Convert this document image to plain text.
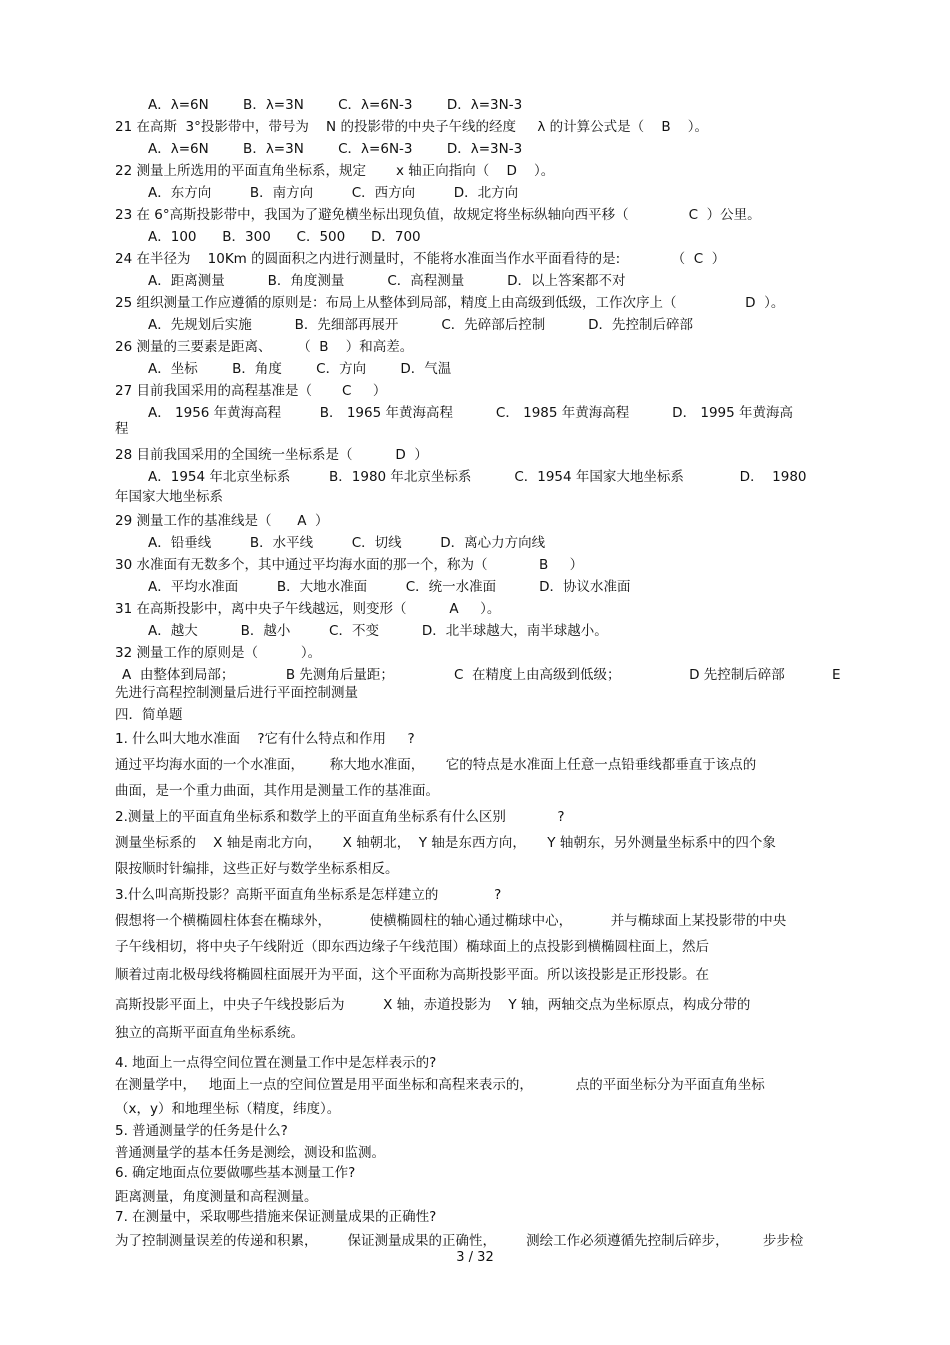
A．λ=6N        B．λ=3N        C．λ=6N-3        D．λ=3N-3
21 在高斯  3°投影带中，带号为    N 的投影带的中央子午线的经度     λ 的计算公式是（    B    ）。
A．λ=6N        B．λ=3N        C．λ=6N-3        D．λ=3N-3
22 测量上所选用的平面直角坐标系，规定       x 轴正向指向（    D    ）。
A．东方向         B．南方向         C．西方向         D．北方向
23 在 6°高斯投影带中，我国为了避免横坐标出现负值，故规定将坐标纵轴向西平移（              C  ）公里。
A．100      B．300      C．500      D．700
24 在半径为    10Km 的圆面积之内进行测量时，不能将水准面当作水平面看待的是:            （  C  ）
A．距离测量          B．角度测量          C．高程测量          D．以上答案都不对
25 组织测量工作应遵循的原则是：布局上从整体到局部，精度上由高级到低级，工作次序上（                D  ）。
A．先规划后实施          B．先细部再展开          C．先碎部后控制          D．先控制后碎部
26 测量的三要素是距离、      （  B    ）和高差。
A．坐标        B．角度        C．方向        D．气温
27 目前我国采用的高程基准是（       C     ）
A． 1956 年黄海高程         B． 1965 年黄海高程          C． 1985 年黄海高程          D． 1995 年黄海高
程
28 目前我国采用的全国统一坐标系是（          D  ）
A．1954 年北京坐标系         B．1980 年北京坐标系          C．1954 年国家大地坐标系             D．  1980
年国家大地坐标系
29 测量工作的基准线是（      A  ）
A．铅垂线         B．水平线         C．切线         D．离心力方向线
30 水准面有无数多个，其中通过平均海水面的那一个，称为（            B     ）
A．平均水准面         B．大地水准面         C．统一水准面          D．协议水准面
31 在高斯投影中，离中央子午线越远，则变形（          A     ）。
A．越大          B．越小         C．不变          D．北半球越大，南半球越小。
32 测量工作的原则是（          ）。
A  由整体到局部；            B 先测角后量距；              C  在精度上由高级到低级；                D 先控制后碎部           E
先进行高程控制测量后进行平面控制测量
四．简单题
1. 什么叫大地水准面    ?它有什么特点和作用     ?
通过平均海水面的一个水准面，      称大地水准面，     它的特点是水准面上任意一点铅垂线都垂直于该点的
曲面，是一个重力曲面，其作用是测量工作的基准面。
2.测量上的平面直角坐标系和数学上的平面直角坐标系有什么区别            ?
测量坐标系的    X 轴是南北方向，     X 轴朝北，  Y 轴是东西方向，     Y 轴朝东，另外测量坐标系中的四个象
限按顺时针编排，这些正好与数学坐标系相反。
3.什么叫高斯投影？高斯平面直角坐标系是怎样建立的             ?
假想将一个横椭圆柱体套在椭球外，         使横椭圆柱的轴心通过椭球中心，         并与椭球面上某投影带的中央
子午线相切，将中央子午线附近（即东西边缘子午线范围）椭球面上的点投影到横椭圆柱面上，然后
顺着过南北极母线将椭圆柱面展开为平面，这个平面称为高斯投影平面。所以该投影是正形投影。在
高斯投影平面上，中央子午线投影后为         X 轴，赤道投影为    Y 轴，两轴交点为坐标原点，构成分带的
独立的高斯平面直角坐标系统。
4. 地面上一点得空间位置在测量工作中是怎样表示的?
在测量学中，   地面上一点的空间位置是用平面坐标和高程来表示的，          点的平面坐标分为平面直角坐标
（x，y）和地理坐标（精度，纬度）。
5. 普通测量学的任务是什么?
普通测量学的基本任务是测绘，测设和监测。
6. 确定地面点位要做哪些基本测量工作?
距离测量，角度测量和高程测量。
7. 在测量中，采取哪些措施来保证测量成果的正确性?
为了控制测量误差的传递和积累，       保证测量成果的正确性，       测绘工作必须遵循先控制后碎步，        步步检
3 / 32
